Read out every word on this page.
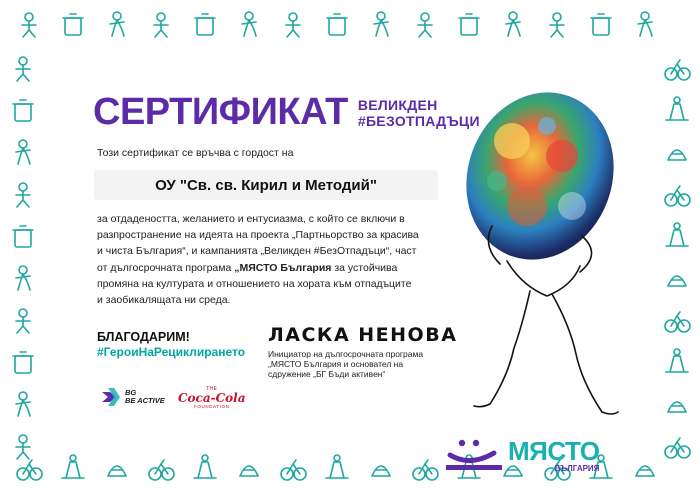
СЕРТИФИКАТ ВЕЛИКДЕН
#БЕЗОТПАДЪЦИ
Този сертификат се връчва с гордост на
ОУ "Св. св. Кирил и Методий"
за отдадеността, желанието и ентусиазма, с който се включи в
разпространение на идеята на проекта „Партньорство за красива
и чиста България“, и кампанията „Великден #БезОтпадъци“, част
от дългосрочната програма „МЯСТО България за устойчива
промяна на културата и отношението на хората към отпадъците
и заобикалящата ни среда.
БЛАГОДАРИМ!
#ГероиНаРециклирането
ЛАСКА НЕНОВА
Инициатор на дългосрочната програма
„МЯСТО България и основател на
сдружение „БГ Бъди активен“
BG
BE ACTIVE
THE
Coca-Cola
FOUNDATION
МЯСТО
БЪЛГАРИЯ
